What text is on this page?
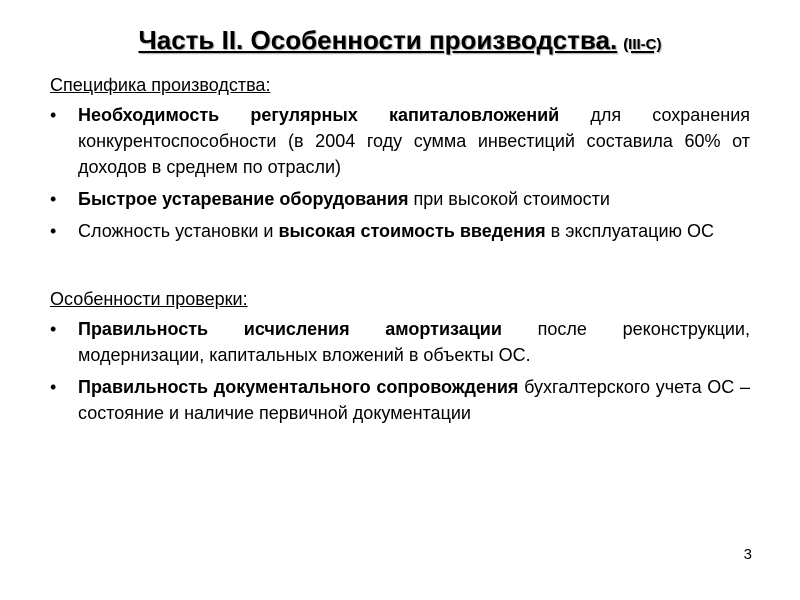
Часть II. Особенности производства. (III-C)
Специфика производства:
• Необходимость регулярных капиталовложений для сохранения конкурентоспособности (в 2004 году сумма инвестиций составила 60% от доходов в среднем по отрасли)
• Быстрое устаревание оборудования при высокой стоимости
• Сложность установки и высокая стоимость введения в эксплуатацию ОС
Особенности проверки:
• Правильность исчисления амортизации после реконструкции, модернизации, капитальных вложений в объекты ОС.
• Правильность документального сопровождения бухгалтерского учета ОС – состояние и наличие первичной документации
3
